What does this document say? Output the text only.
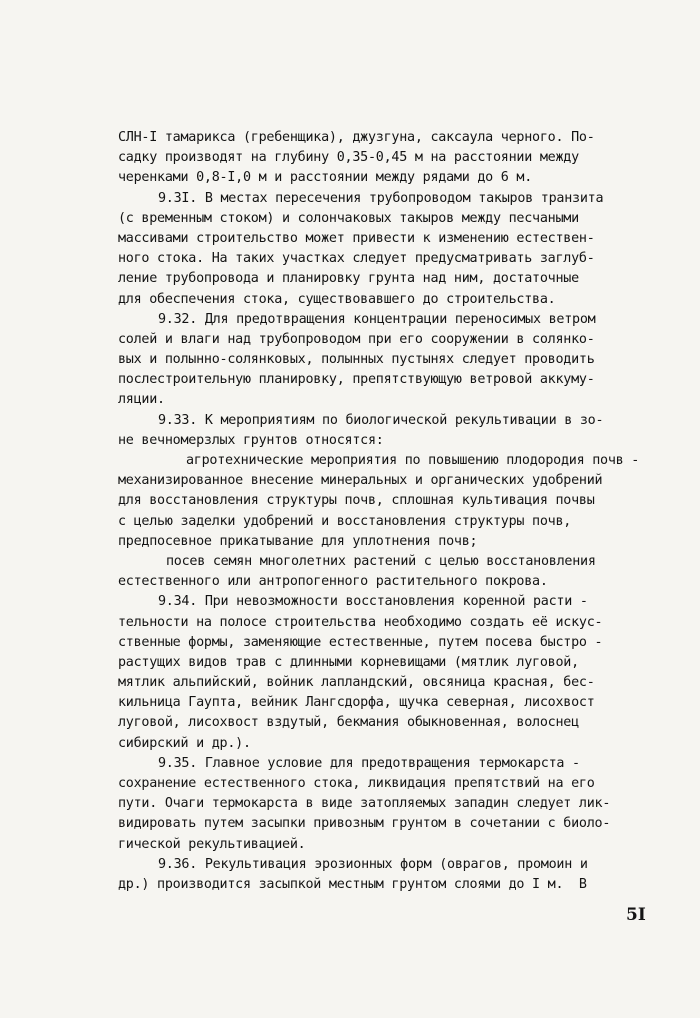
СЛН-I тамарикса (гребенщика), джузгуна, саксаула черного. По-
садку производят на глубину 0,35-0,45 м на расстоянии между
черенками 0,8-I,0 м и расстоянии между рядами до 6 м.
9.3I. В местах пересечения трубопроводом такыров транзита
(с временным стоком) и солончаковых такыров между песчаными
массивами строительство может привести к изменению естествен-
ного стока. На таких участках следует предусматривать заглуб-
ление трубопровода и планировку грунта над ним, достаточные
для обеспечения стока, существовавшего до строительства.
9.32. Для предотвращения концентрации переносимых ветром
солей и влаги над трубопроводом при его сооружении в солянко-
вых и полынно-солянковых, полынных пустынях следует проводить
послестроительную планировку, препятствующую ветровой аккуму-
ляции.
9.33. К мероприятиям по биологической рекультивации в зо-
не вечномерзлых грунтов относятся:
агротехнические мероприятия по повышению плодородия почв -
механизированное внесение минеральных и органических удобрений
для восстановления структуры почв, сплошная культивация почвы
с целью заделки удобрений и восстановления структуры почв,
предпосевное прикатывание для уплотнения почв;
посев семян многолетних растений с целью восстановления
естественного или антропогенного растительного покрова.
9.34. При невозможности восстановления коренной расти -
тельности на полосе строительства необходимо создать её искус-
ственные формы, заменяющие естественные, путем посева быстро -
растущих видов трав с длинными корневищами (мятлик луговой,
мятлик альпийский, войник лапландский, овсяница красная, бес-
кильница Гаупта, вейник Лангсдорфа, щучка северная, лисохвост
луговой, лисохвост вздутый, бекмания обыкновенная, волоснец
сибирский и др.).
9.35. Главное условие для предотвращения термокарста -
сохранение естественного стока, ликвидация препятствий на его
пути. Очаги термокарста в виде затопляемых западин следует лик-
видировать путем засыпки привозным грунтом в сочетании с биоло-
гической рекультивацией.
9.36. Рекультивация эрозионных форм (оврагов, промоин и
др.) производится засыпкой местным грунтом слоями до I м.  В
5I
